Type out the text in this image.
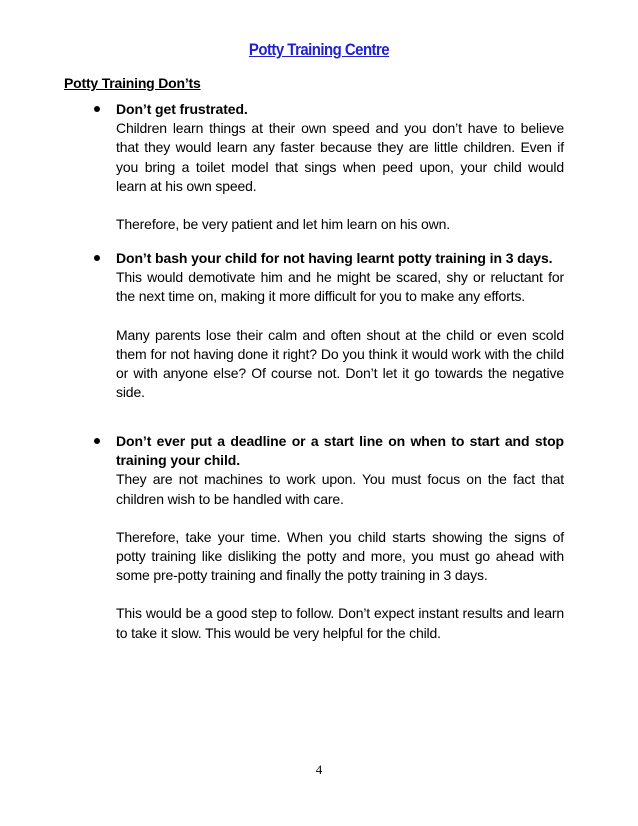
Potty Training Centre
Potty Training Don’ts
Don’t get frustrated.

Children learn things at their own speed and you don’t have to believe that they would learn any faster because they are little children. Even if you bring a toilet model that sings when peed upon, your child would learn at his own speed.

Therefore, be very patient and let him learn on his own.

Don’t bash your child for not having learnt potty training in 3 days.

This would demotivate him and he might be scared, shy or reluctant for the next time on, making it more difficult for you to make any efforts.

Many parents lose their calm and often shout at the child or even scold them for not having done it right? Do you think it would work with the child or with anyone else? Of course not. Don’t let it go towards the negative side.

Don’t ever put a deadline or a start line on when to start and stop training your child.

They are not machines to work upon. You must focus on the fact that children wish to be handled with care.

Therefore, take your time. When you child starts showing the signs of potty training like disliking the potty and more, you must go ahead with some pre-potty training and finally the potty training in 3 days.

This would be a good step to follow. Don’t expect instant results and learn to take it slow. This would be very helpful for the child.

4
